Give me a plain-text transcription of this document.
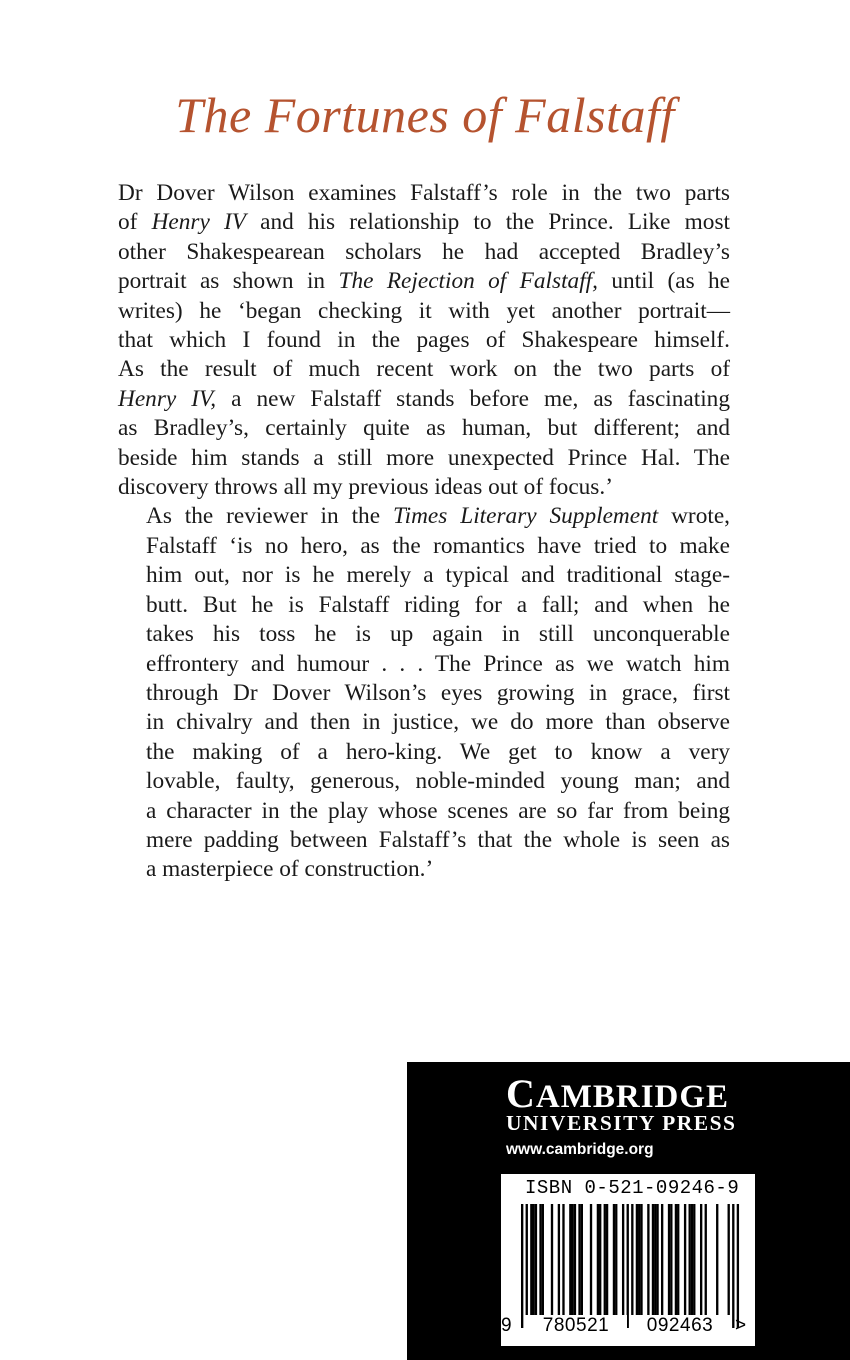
The Fortunes of Falstaff

Dr Dover Wilson examines Falstaff’s role in the two parts
of Henry IV and his relationship to the Prince. Like most
other Shakespearean scholars he had accepted Bradley’s
portrait as shown in The Rejection of Falstaff, until (as he
writes) he ‘began checking it with yet another portrait—
that which I found in the pages of Shakespeare himself.
As the result of much recent work on the two parts of
Henry IV, a new Falstaff stands before me, as fascinating
as Bradley’s, certainly quite as human, but different; and
beside him stands a still more unexpected Prince Hal. The
discovery throws all my previous ideas out of focus.’

As the reviewer in the Times Literary Supplement wrote,
Falstaff ‘is no hero, as the romantics have tried to make
him out, nor is he merely a typical and traditional stage-
butt. But he is Falstaff riding for a fall; and when he
takes his toss he is up again in still unconquerable
effrontery and humour . . . The Prince as we watch him
through Dr Dover Wilson’s eyes growing in grace, first
in chivalry and then in justice, we do more than observe
the making of a hero-king. We get to know a very
lovable, faulty, generous, noble-minded young man; and
a character in the play whose scenes are so far from being
mere padding between Falstaff’s that the whole is seen as
a masterpiece of construction.’

CAMBRIDGE
UNIVERSITY PRESS
www.cambridge.org
ISBN 0-521-09246-9
9	780521	092463	>
